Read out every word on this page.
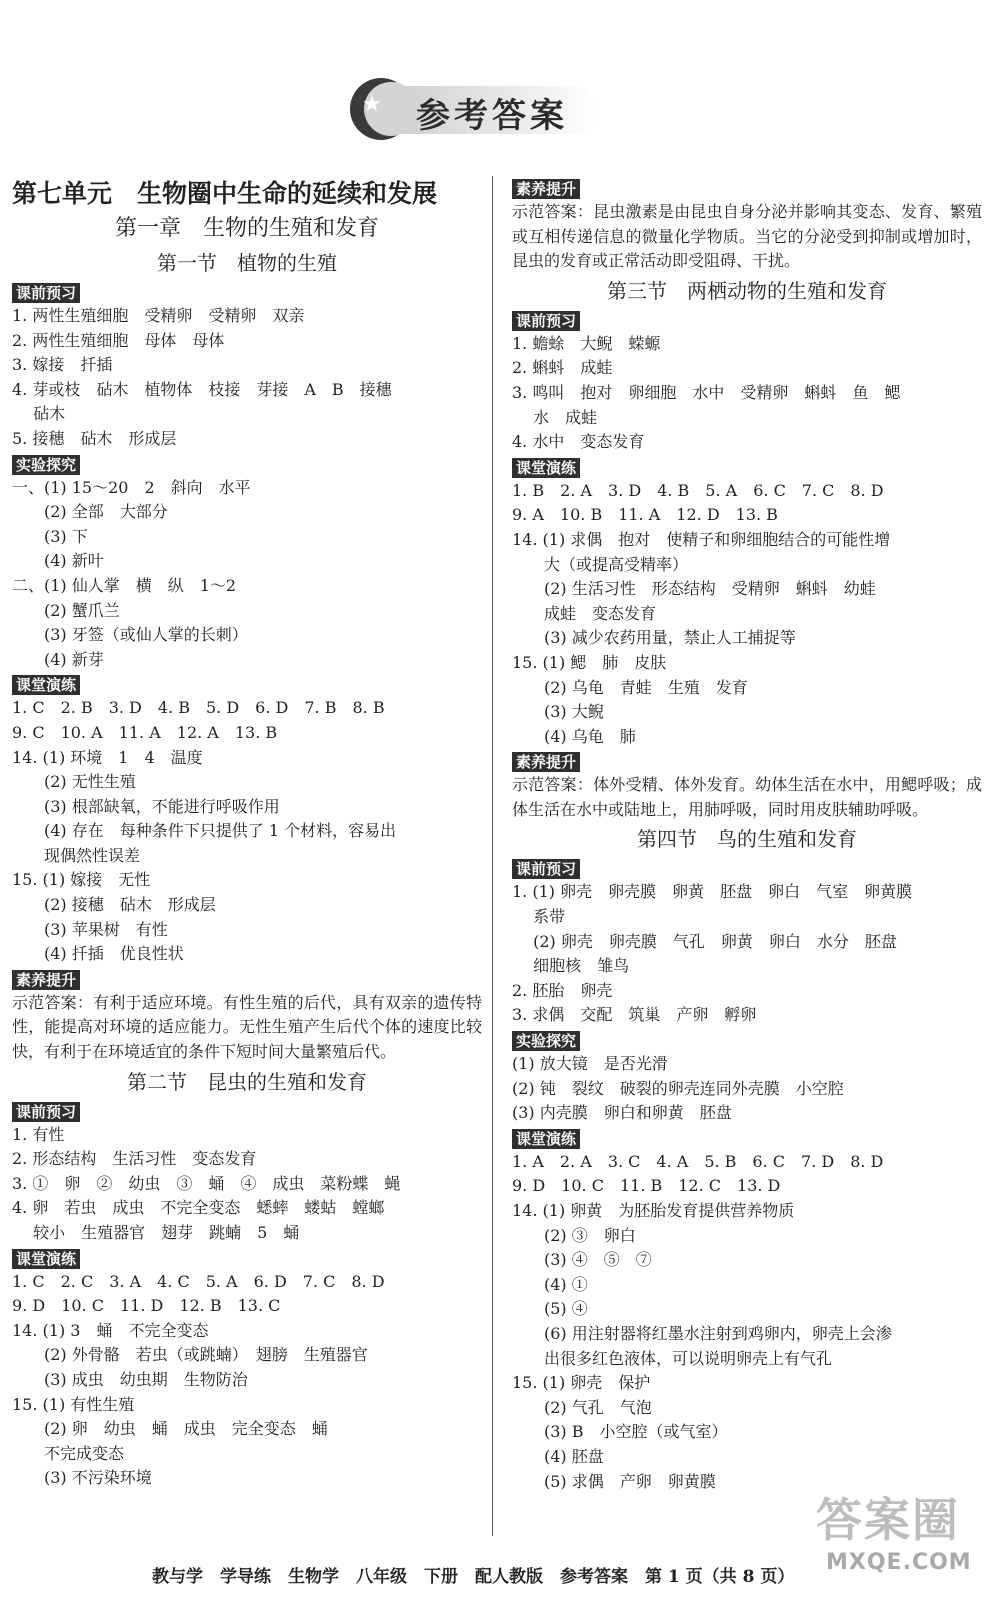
★ 参考答案
第七单元　生物圈中生命的延续和发展
第一章　生物的生殖和发育
第一节　植物的生殖
课前预习
1. 两性生殖细胞　受精卵　受精卵　双亲
2. 两性生殖细胞　母体　母体
3. 嫁接　扦插
4. 芽或枝　砧木　植物体　枝接　芽接　A　B　接穗
　 砧木
5. 接穗　砧木　形成层
实验探究
一、(1) 15～20　2　斜向　水平
　　(2) 全部　大部分
　　(3) 下
　　(4) 新叶
二、(1) 仙人掌　横　纵　1～2
　　(2) 蟹爪兰
　　(3) 牙签（或仙人掌的长刺）
　　(4) 新芽
课堂演练
1. C　2. B　3. D　4. B　5. D　6. D　7. B　8. B
9. C　10. A　11. A　12. A　13. B
14. (1) 环境　1　4　温度
　　(2) 无性生殖
　　(3) 根部缺氧，不能进行呼吸作用
　　(4) 存在　每种条件下只提供了 1 个材料，容易出
　　现偶然性误差
15. (1) 嫁接　无性
　　(2) 接穗　砧木　形成层
　　(3) 苹果树　有性
　　(4) 扦插　优良性状
素养提升
示范答案：有利于适应环境。有性生殖的后代，具有双亲的遗传特性，能提高对环境的适应能力。无性生殖产生后代个体的速度比较快，有利于在环境适宜的条件下短时间大量繁殖后代。
第二节　昆虫的生殖和发育
课前预习
1. 有性
2. 形态结构　生活习性　变态发育
3. ①　卵　②　幼虫　③　蛹　④　成虫　菜粉蝶　蝇
4. 卵　若虫　成虫　不完全变态　蟋蟀　蝼蛄　螳螂
　 较小　生殖器官　翅芽　跳蝻　5　蛹
课堂演练
1. C　2. C　3. A　4. C　5. A　6. D　7. C　8. D
9. D　10. C　11. D　12. B　13. C
14. (1) 3　蛹　不完全变态
　　(2) 外骨骼　若虫（或跳蝻）　翅膀　生殖器官
　　(3) 成虫　幼虫期　生物防治
15. (1) 有性生殖
　　(2) 卵　幼虫　蛹　成虫　完全变态　蛹
　　不完成变态
　　(3) 不污染环境
素养提升
示范答案：昆虫激素是由昆虫自身分泌并影响其变态、发育、繁殖或互相传递信息的微量化学物质。当它的分泌受到抑制或增加时，昆虫的发育或正常活动即受阻碍、干扰。
第三节　两栖动物的生殖和发育
课前预习
1. 蟾蜍　大鲵　蝾螈
2. 蝌蚪　成蛙
3. 鸣叫　抱对　卵细胞　水中　受精卵　蝌蚪　鱼　鳃
　 水　成蛙
4. 水中　变态发育
课堂演练
1. B　2. A　3. D　4. B　5. A　6. C　7. C　8. D
9. A　10. B　11. A　12. D　13. B
14. (1) 求偶　抱对　使精子和卵细胞结合的可能性增
　　大（或提高受精率）
　　(2) 生活习性　形态结构　受精卵　蝌蚪　幼蛙
　　成蛙　变态发育
　　(3) 减少农药用量，禁止人工捕捉等
15. (1) 鳃　肺　皮肤
　　(2) 乌龟　青蛙　生殖　发育
　　(3) 大鲵
　　(4) 乌龟　肺
素养提升
示范答案：体外受精、体外发育。幼体生活在水中，用鳃呼吸；成体生活在水中或陆地上，用肺呼吸，同时用皮肤辅助呼吸。
第四节　鸟的生殖和发育
课前预习
1. (1) 卵壳　卵壳膜　卵黄　胚盘　卵白　气室　卵黄膜
　 系带
　 (2) 卵壳　卵壳膜　气孔　卵黄　卵白　水分　胚盘
　 细胞核　雏鸟
2. 胚胎　卵壳
3. 求偶　交配　筑巢　产卵　孵卵
实验探究
(1) 放大镜　是否光滑
(2) 钝　裂纹　破裂的卵壳连同外壳膜　小空腔
(3) 内壳膜　卵白和卵黄　胚盘
课堂演练
1. A　2. A　3. C　4. A　5. B　6. C　7. D　8. D
9. D　10. C　11. B　12. C　13. D
14. (1) 卵黄　为胚胎发育提供营养物质
　　(2) ③　卵白
　　(3) ④　⑤　⑦
　　(4) ①
　　(5) ④
　　(6) 用注射器将红墨水注射到鸡卵内，卵壳上会渗
　　出很多红色液体，可以说明卵壳上有气孔
15. (1) 卵壳　保护
　　(2) 气孔　气泡
　　(3) B　小空腔（或气室）
　　(4) 胚盘
　　(5) 求偶　产卵　卵黄膜
教与学　学导练　生物学　八年级　下册　配人教版　参考答案　第 1 页（共 8 页）
答案圈
MXQE.COM
